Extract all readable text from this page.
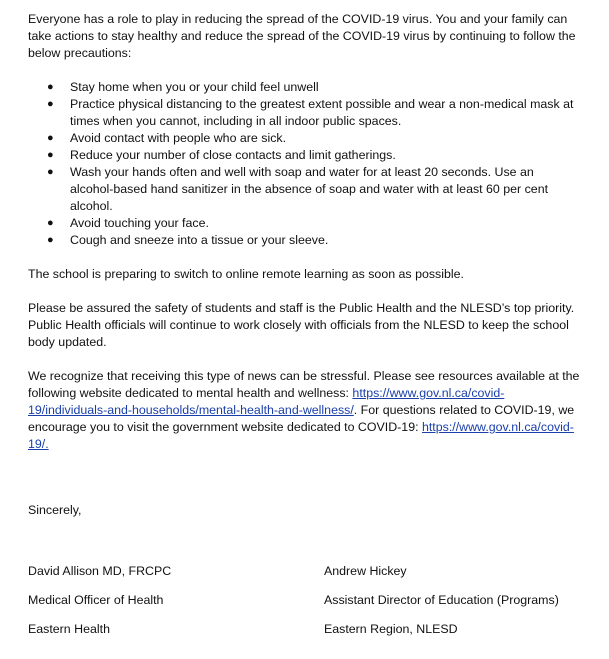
Everyone has a role to play in reducing the spread of the COVID-19 virus. You and your family can take actions to stay healthy and reduce the spread of the COVID-19 virus by continuing to follow the below precautions:

● Stay home when you or your child feel unwell
● Practice physical distancing to the greatest extent possible and wear a non-medical mask at times when you cannot, including in all indoor public spaces.
● Avoid contact with people who are sick.
● Reduce your number of close contacts and limit gatherings.
● Wash your hands often and well with soap and water for at least 20 seconds. Use an alcohol-based hand sanitizer in the absence of soap and water with at least 60 per cent alcohol.
● Avoid touching your face.
● Cough and sneeze into a tissue or your sleeve.

The school is preparing to switch to online remote learning as soon as possible.

Please be assured the safety of students and staff is the Public Health and the NLESD’s top priority. Public Health officials will continue to work closely with officials from the NLESD to keep the school body updated.

We recognize that receiving this type of news can be stressful. Please see resources available at the following website dedicated to mental health and wellness: https://www.gov.nl.ca/covid-19/individuals-and-households/mental-health-and-wellness/. For questions related to COVID-19, we encourage you to visit the government website dedicated to COVID-19: https://www.gov.nl.ca/covid-19/.

Sincerely,

David Allison MD, FRCPC
Medical Officer of Health
Eastern Health
Andrew Hickey
Assistant Director of Education (Programs)
Eastern Region, NLESD
